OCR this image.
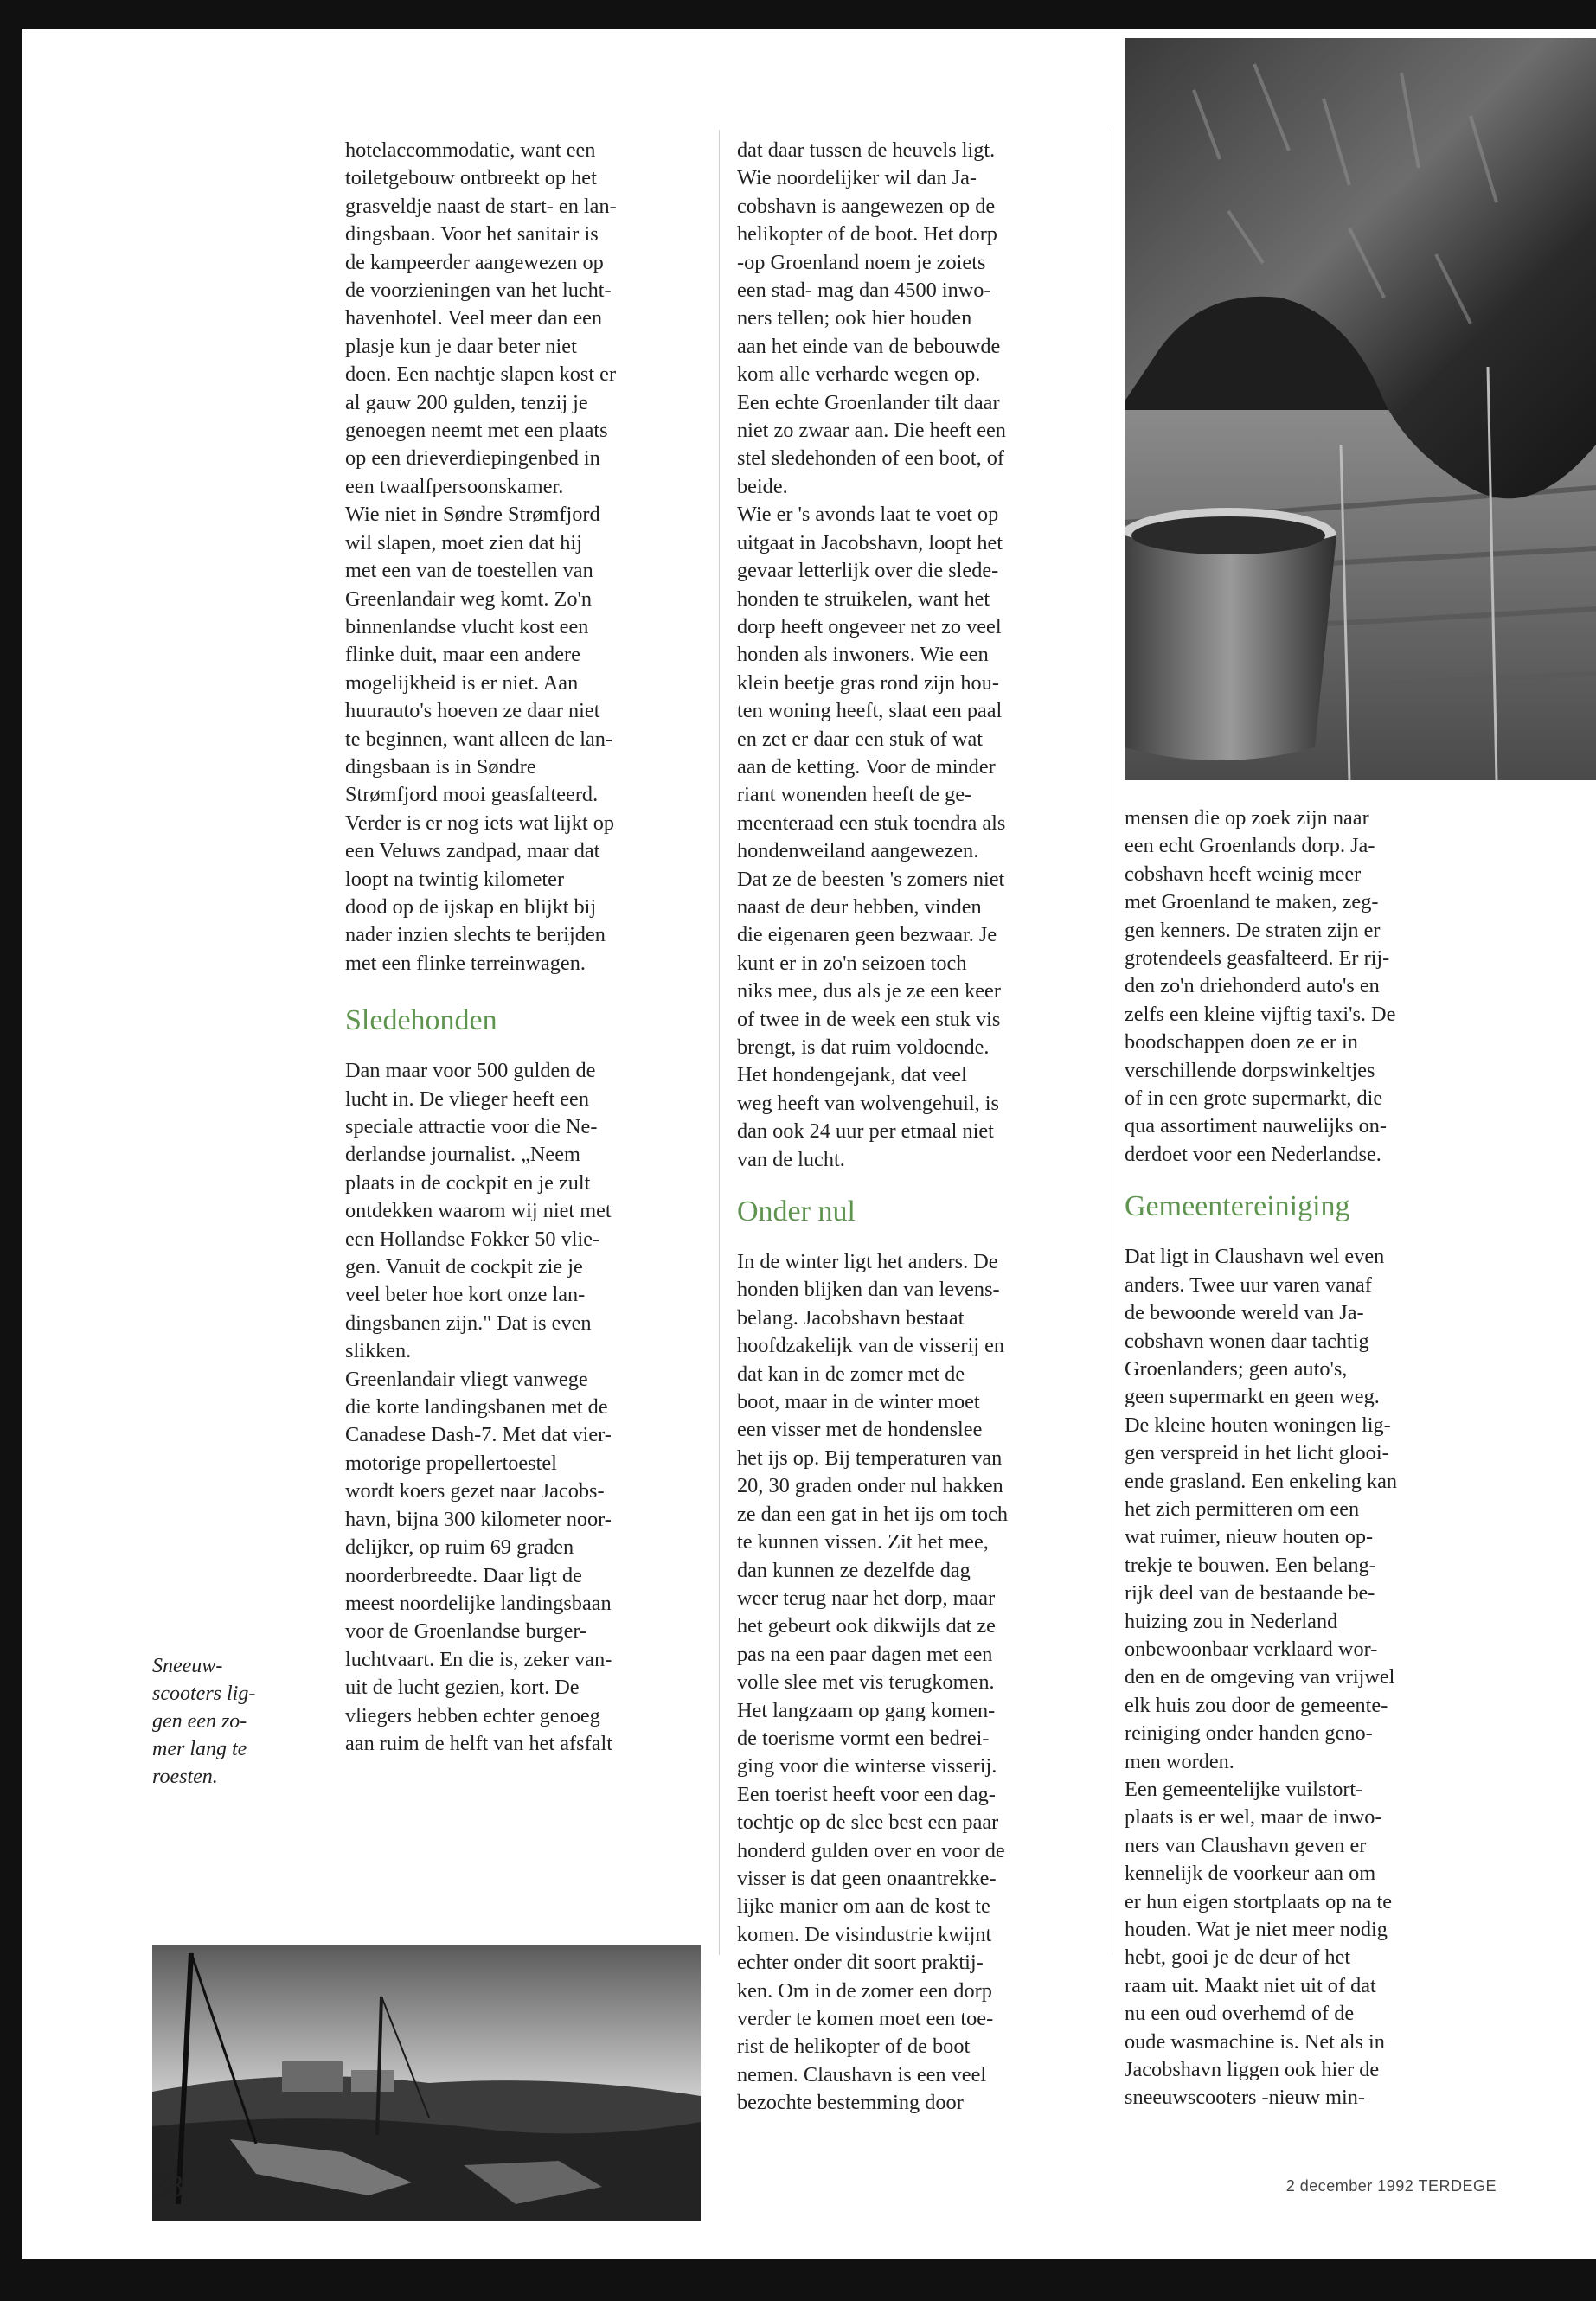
hotelaccommodatie, want een
toiletgebouw ontbreekt op het
grasveldje naast de start- en lan-
dingsbaan. Voor het sanitair is
de kampeerder aangewezen op
de voorzieningen van het lucht-
havenhotel. Veel meer dan een
plasje kun je daar beter niet
doen. Een nachtje slapen kost er
al gauw 200 gulden, tenzij je
genoegen neemt met een plaats
op een drieverdiepingenbed in
een twaalfpersoonskamer.
Wie niet in Søndre Strømfjord
wil slapen, moet zien dat hij
met een van de toestellen van
Greenlandair weg komt. Zo'n
binnenlandse vlucht kost een
flinke duit, maar een andere
mogelijkheid is er niet. Aan
huurauto's hoeven ze daar niet
te beginnen, want alleen de lan-
dingsbaan is in Søndre
Strømfjord mooi geasfalteerd.
Verder is er nog iets wat lijkt op
een Veluws zandpad, maar dat
loopt na twintig kilometer
dood op de ijskap en blijkt bij
nader inzien slechts te berijden
met een flinke terreinwagen.

Sledehonden

Dan maar voor 500 gulden de
lucht in. De vlieger heeft een
speciale attractie voor die Ne-
derlandse journalist. „Neem
plaats in de cockpit en je zult
ontdekken waarom wij niet met
een Hollandse Fokker 50 vlie-
gen. Vanuit de cockpit zie je
veel beter hoe kort onze lan-
dingsbanen zijn." Dat is even
slikken.
Greenlandair vliegt vanwege
die korte landingsbanen met de
Canadese Dash-7. Met dat vier-
motorige propellertoestel
wordt koers gezet naar Jacobs-
havn, bijna 300 kilometer noor-
delijker, op ruim 69 graden
noorderbreedte. Daar ligt de
meest noordelijke landingsbaan
voor de Groenlandse burger-
luchtvaart. En die is, zeker van-
uit de lucht gezien, kort. De
vliegers hebben echter genoeg
aan ruim de helft van het afsfalt

dat daar tussen de heuvels ligt.
Wie noordelijker wil dan Ja-
cobshavn is aangewezen op de
helikopter of de boot. Het dorp
-op Groenland noem je zoiets
een stad- mag dan 4500 inwo-
ners tellen; ook hier houden
aan het einde van de bebouwde
kom alle verharde wegen op.
Een echte Groenlander tilt daar
niet zo zwaar aan. Die heeft een
stel sledehonden of een boot, of
beide.
Wie er 's avonds laat te voet op
uitgaat in Jacobshavn, loopt het
gevaar letterlijk over die slede-
honden te struikelen, want het
dorp heeft ongeveer net zo veel
honden als inwoners. Wie een
klein beetje gras rond zijn hou-
ten woning heeft, slaat een paal
en zet er daar een stuk of wat
aan de ketting. Voor de minder
riant wonenden heeft de ge-
meenteraad een stuk toendra als
hondenweiland aangewezen.
Dat ze de beesten 's zomers niet
naast de deur hebben, vinden
die eigenaren geen bezwaar. Je
kunt er in zo'n seizoen toch
niks mee, dus als je ze een keer
of twee in de week een stuk vis
brengt, is dat ruim voldoende.
Het hondengejank, dat veel
weg heeft van wolvengehuil, is
dan ook 24 uur per etmaal niet
van de lucht.

Onder nul

In de winter ligt het anders. De
honden blijken dan van levens-
belang. Jacobshavn bestaat
hoofdzakelijk van de visserij en
dat kan in de zomer met de
boot, maar in de winter moet
een visser met de hondenslee
het ijs op. Bij temperaturen van
20, 30 graden onder nul hakken
ze dan een gat in het ijs om toch
te kunnen vissen. Zit het mee,
dan kunnen ze dezelfde dag
weer terug naar het dorp, maar
het gebeurt ook dikwijls dat ze
pas na een paar dagen met een
volle slee met vis terugkomen.
Het langzaam op gang komen-
de toerisme vormt een bedrei-
ging voor die winterse visserij.
Een toerist heeft voor een dag-
tochtje op de slee best een paar
honderd gulden over en voor de
visser is dat geen onaantrekke-
lijke manier om aan de kost te
komen. De visindustrie kwijnt
echter onder dit soort praktij-
ken. Om in de zomer een dorp
verder te komen moet een toe-
rist de helikopter of de boot
nemen. Claushavn is een veel
bezochte bestemming door

mensen die op zoek zijn naar
een echt Groenlands dorp. Ja-
cobshavn heeft weinig meer
met Groenland te maken, zeg-
gen kenners. De straten zijn er
grotendeels geasfalteerd. Er rij-
den zo'n driehonderd auto's en
zelfs een kleine vijftig taxi's. De
boodschappen doen ze er in
verschillende dorpswinkeltjes
of in een grote supermarkt, die
qua assortiment nauwelijks on-
derdoet voor een Nederlandse.

Gemeentereiniging

Dat ligt in Claushavn wel even
anders. Twee uur varen vanaf
de bewoonde wereld van Ja-
cobshavn wonen daar tachtig
Groenlanders; geen auto's,
geen supermarkt en geen weg.
De kleine houten woningen lig-
gen verspreid in het licht glooi-
ende grasland. Een enkeling kan
het zich permitteren om een
wat ruimer, nieuw houten op-
trekje te bouwen. Een belang-
rijk deel van de bestaande be-
huizing zou in Nederland
onbewoonbaar verklaard wor-
den en de omgeving van vrijwel
elk huis zou door de gemeente-
reiniging onder handen geno-
men worden.
Een gemeentelijke vuilstort-
plaats is er wel, maar de inwo-
ners van Claushavn geven er
kennelijk de voorkeur aan om
er hun eigen stortplaats op na te
houden. Wat je niet meer nodig
hebt, gooi je de deur of het
raam uit. Maakt niet uit of dat
nu een oud overhemd of de
oude wasmachine is. Net als in
Jacobshavn liggen ook hier de
sneeuwscooters -nieuw min-

Sneeuw-
scooters lig-
gen een zo-
mer lang te
roesten.
38	2 december 1992 TERDEGE
